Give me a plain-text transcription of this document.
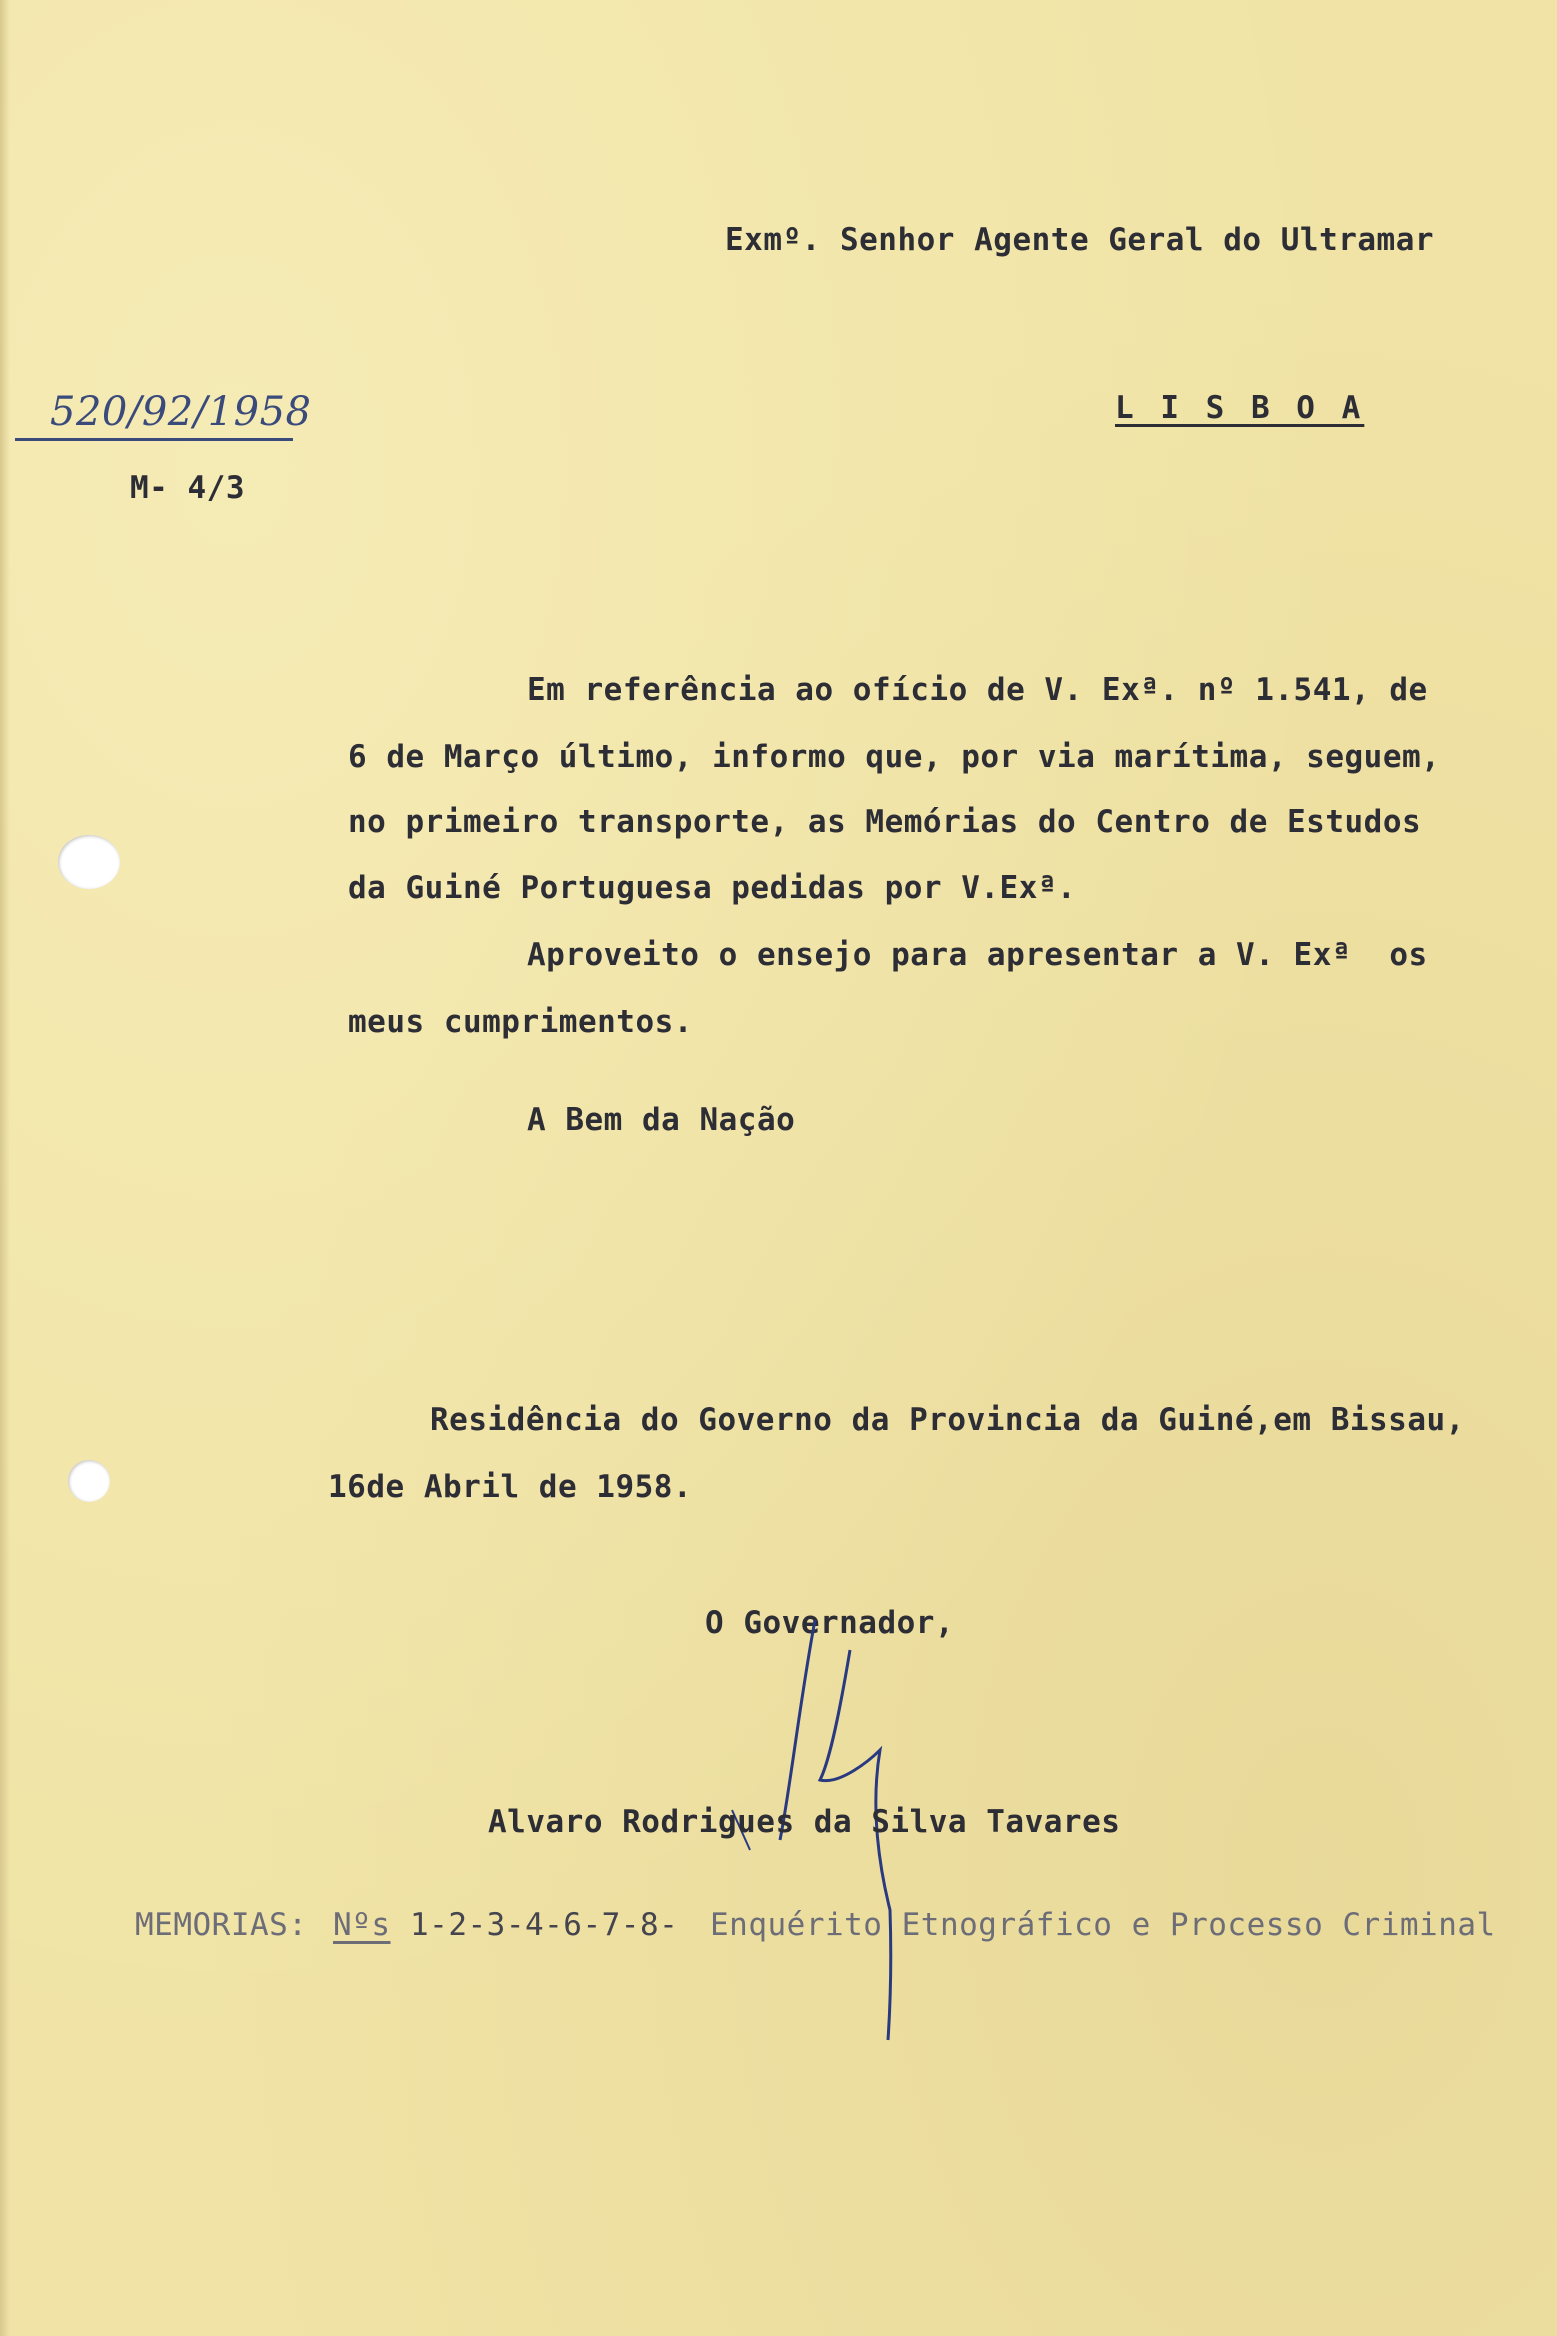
Exmº. Senhor Agente Geral do Ultramar
L I S B O A
520/92/1958
M- 4/3
Em referência ao ofício de V. Exª. nº 1.541, de
6 de Março último, informo que, por via marítima, seguem,
no primeiro transporte, as Memórias do Centro de Estudos
da Guiné Portuguesa pedidas por V.Exª.
Aproveito o ensejo para apresentar a V. Exª  os
meus cumprimentos.
A Bem da Nação
Residência do Governo da Provincia da Guiné,em Bissau,
16de Abril de 1958.
O Governador,
Alvaro Rodrigues da Silva Tavares
MEMORIAS: Nºs 1-2-3-4-6-7-8- Enquérito Etnográfico e Processo Criminal
